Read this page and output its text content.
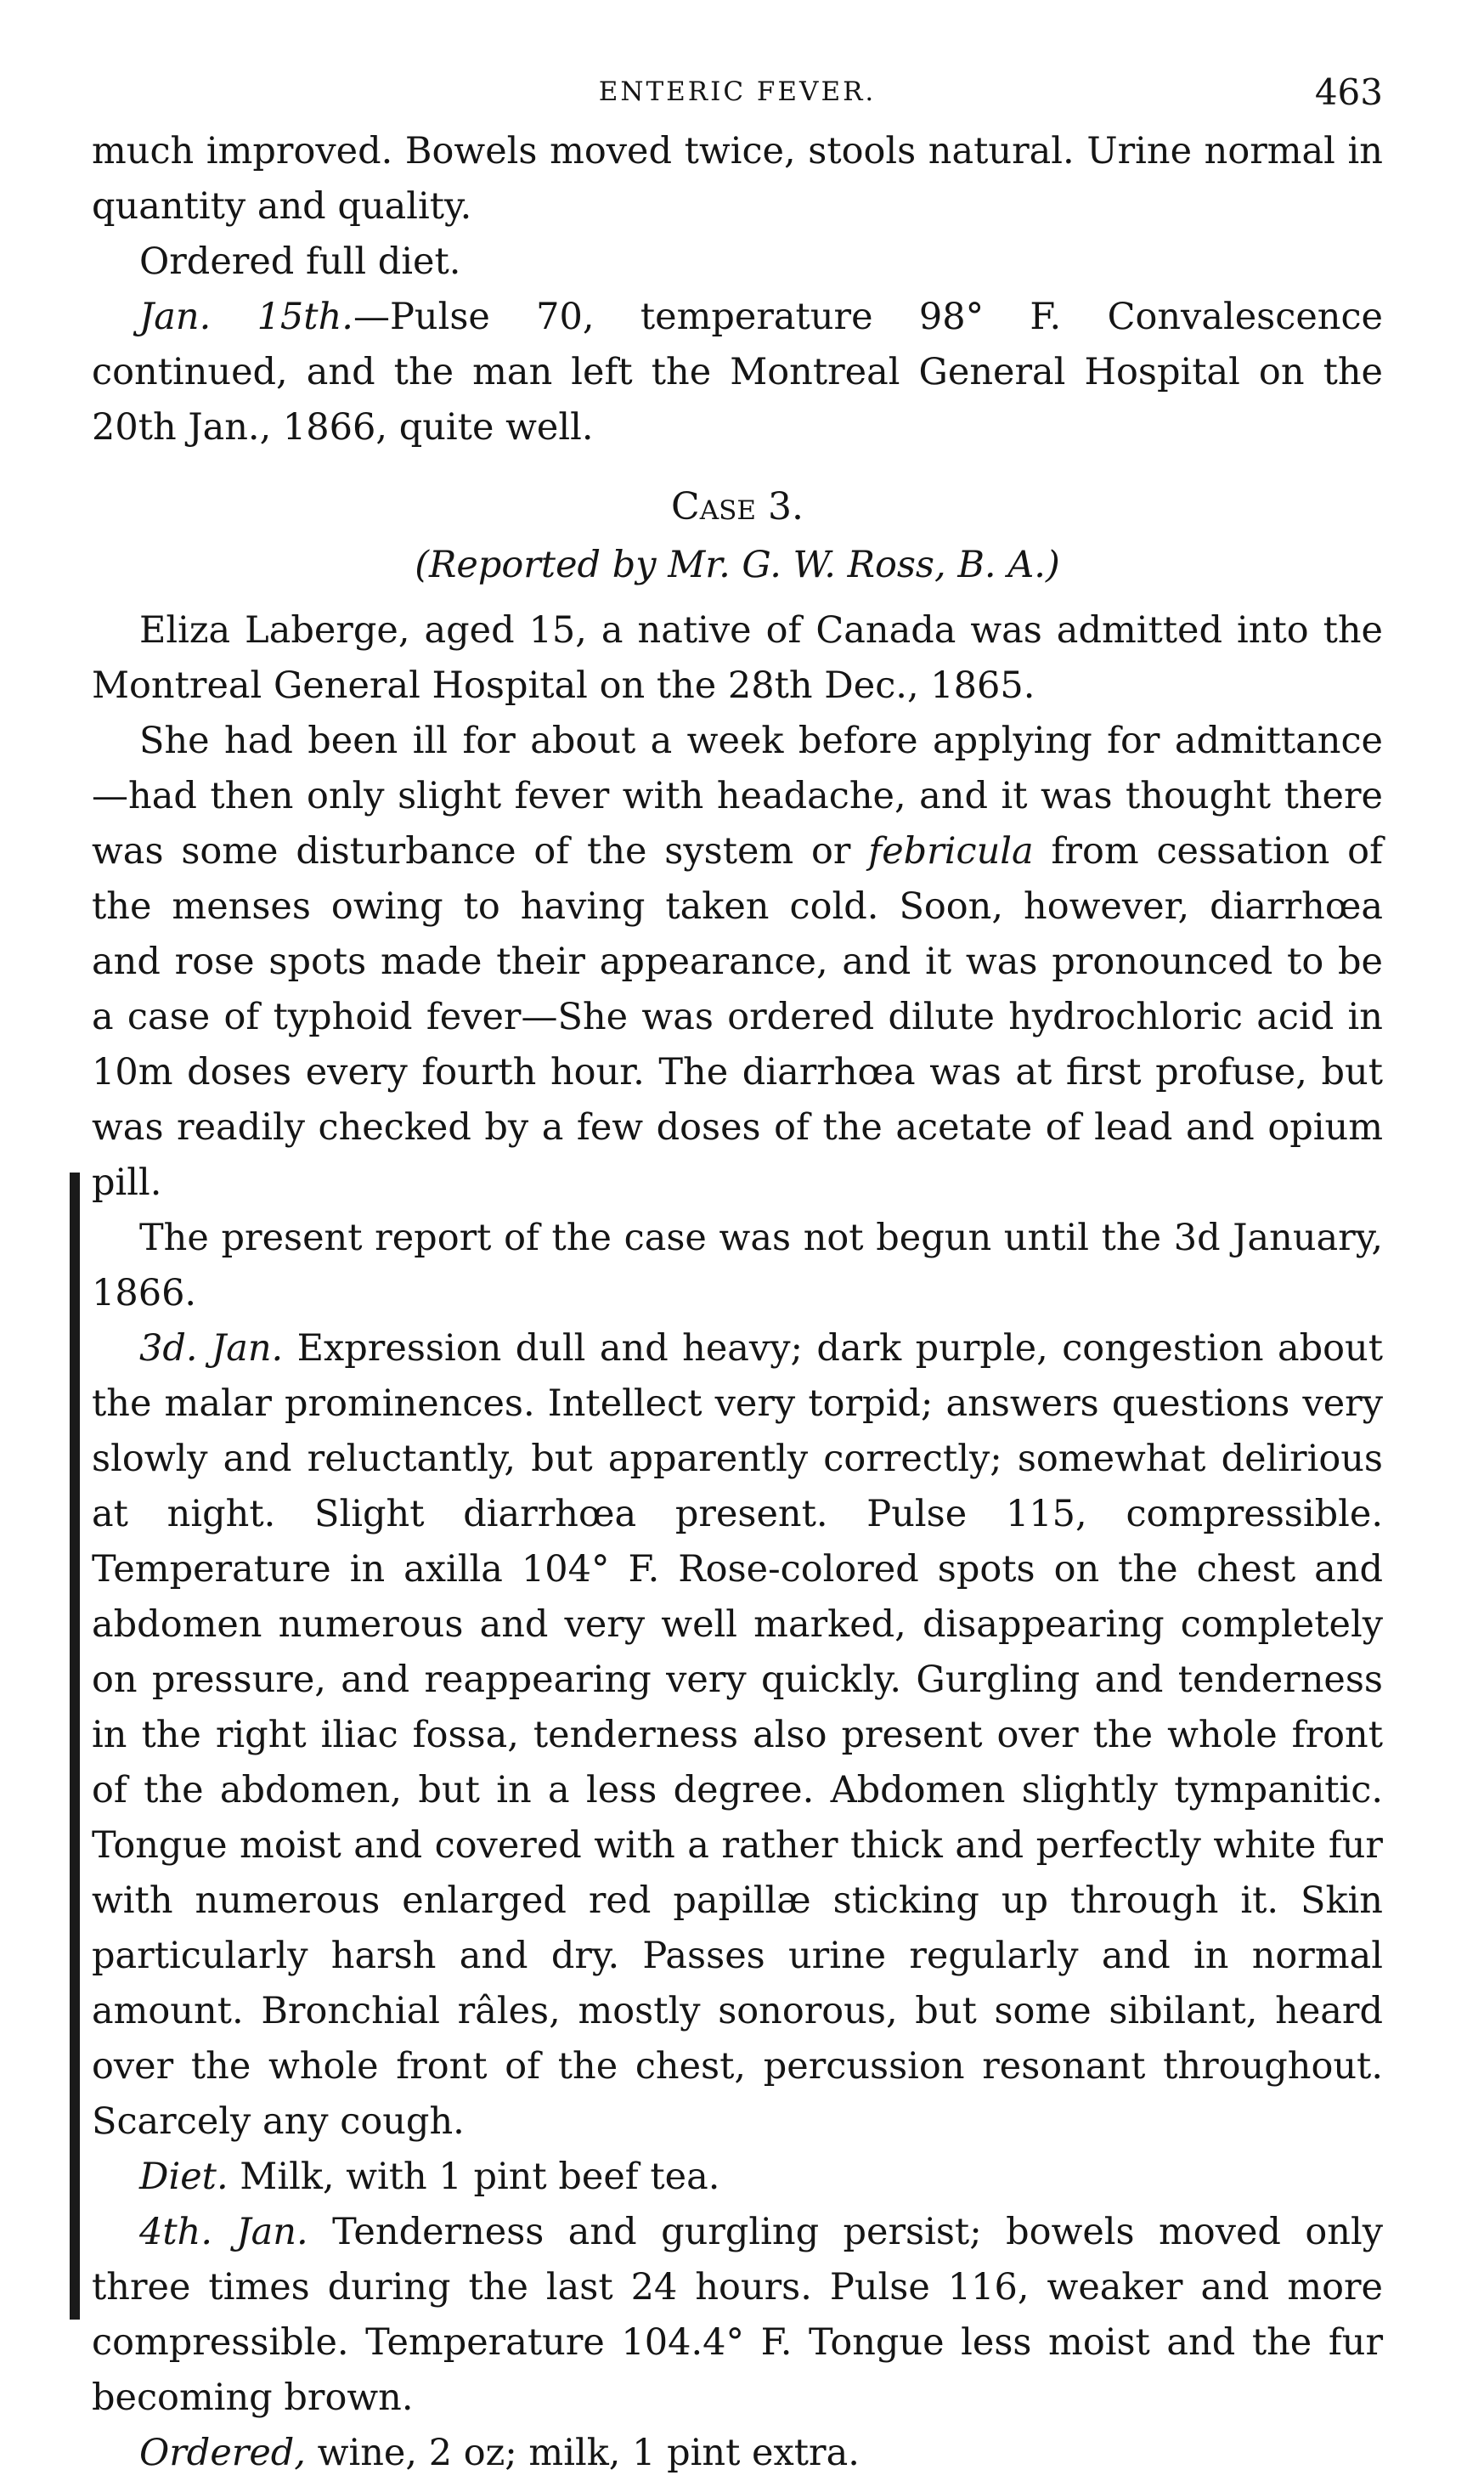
ENTERIC FEVER.	463

much improved. Bowels moved twice, stools natural. Urine normal in quantity and quality.

Ordered full diet.

Jan. 15th.—Pulse 70, temperature 98° F. Convalescence continued, and the man left the Montreal General Hospital on the 20th Jan., 1866, quite well.

Case 3.

(Reported by Mr. G. W. Ross, B. A.)

Eliza Laberge, aged 15, a native of Canada was admitted into the Montreal General Hospital on the 28th Dec., 1865.

She had been ill for about a week before applying for admittance—had then only slight fever with headache, and it was thought there was some disturbance of the system or febricula from cessation of the menses owing to having taken cold. Soon, however, diarrhœa and rose spots made their appearance, and it was pronounced to be a case of typhoid fever—She was ordered dilute hydrochloric acid in 10m doses every fourth hour. The diarrhœa was at first profuse, but was readily checked by a few doses of the acetate of lead and opium pill.

The present report of the case was not begun until the 3d January, 1866.

3d. Jan. Expression dull and heavy; dark purple, congestion about the malar prominences. Intellect very torpid; answers questions very slowly and reluctantly, but apparently correctly; somewhat delirious at night. Slight diarrhœa present. Pulse 115, compressible. Temperature in axilla 104° F. Rose-colored spots on the chest and abdomen numerous and very well marked, disappearing completely on pressure, and reappearing very quickly. Gurgling and tenderness in the right iliac fossa, tenderness also present over the whole front of the abdomen, but in a less degree. Abdomen slightly tympanitic. Tongue moist and covered with a rather thick and perfectly white fur with numerous enlarged red papillæ sticking up through it. Skin particularly harsh and dry. Passes urine regularly and in normal amount. Bronchial râles, mostly sonorous, but some sibilant, heard over the whole front of the chest, percussion resonant throughout. Scarcely any cough.

Diet. Milk, with 1 pint beef tea.

4th. Jan. Tenderness and gurgling persist; bowels moved only three times during the last 24 hours. Pulse 116, weaker and more compressible. Temperature 104.4° F. Tongue less moist and the fur becoming brown.

Ordered, wine, 2 oz; milk, 1 pint extra.
